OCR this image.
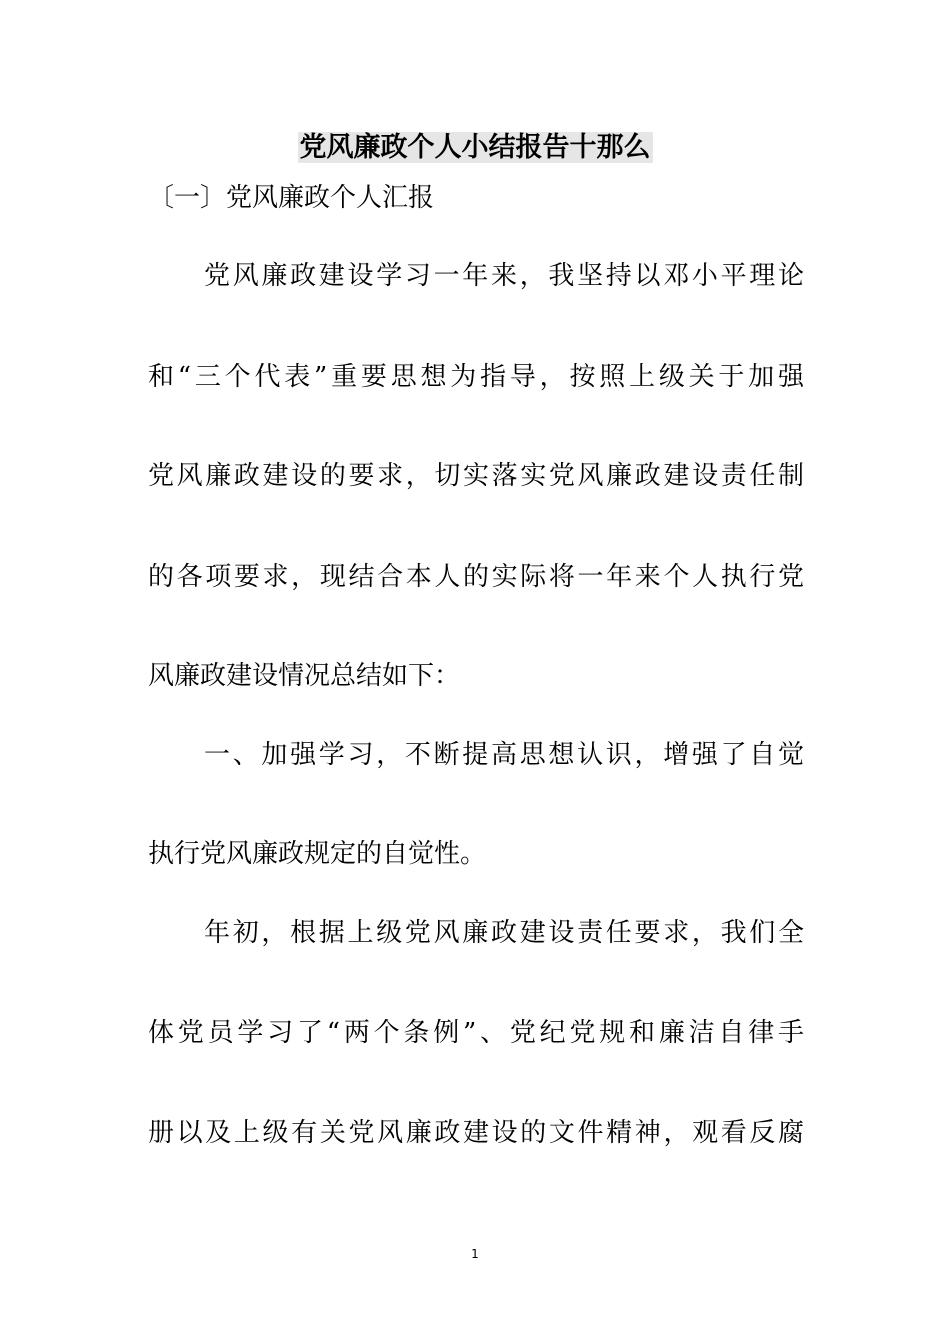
党风廉政个人小结报告十那么
〔一〕党风廉政个人汇报
党风廉政建设学习一年来，我坚持以邓小平理论
和“三个代表”重要思想为指导，按照上级关于加强
党风廉政建设的要求，切实落实党风廉政建设责任制
的各项要求，现结合本人的实际将一年来个人执行党
风廉政建设情况总结如下：
一、加强学习，不断提高思想认识，增强了自觉
执行党风廉政规定的自觉性。
年初，根据上级党风廉政建设责任要求，我们全
体党员学习了“两个条例”、党纪党规和廉洁自律手
册以及上级有关党风廉政建设的文件精神，观看反腐
1
